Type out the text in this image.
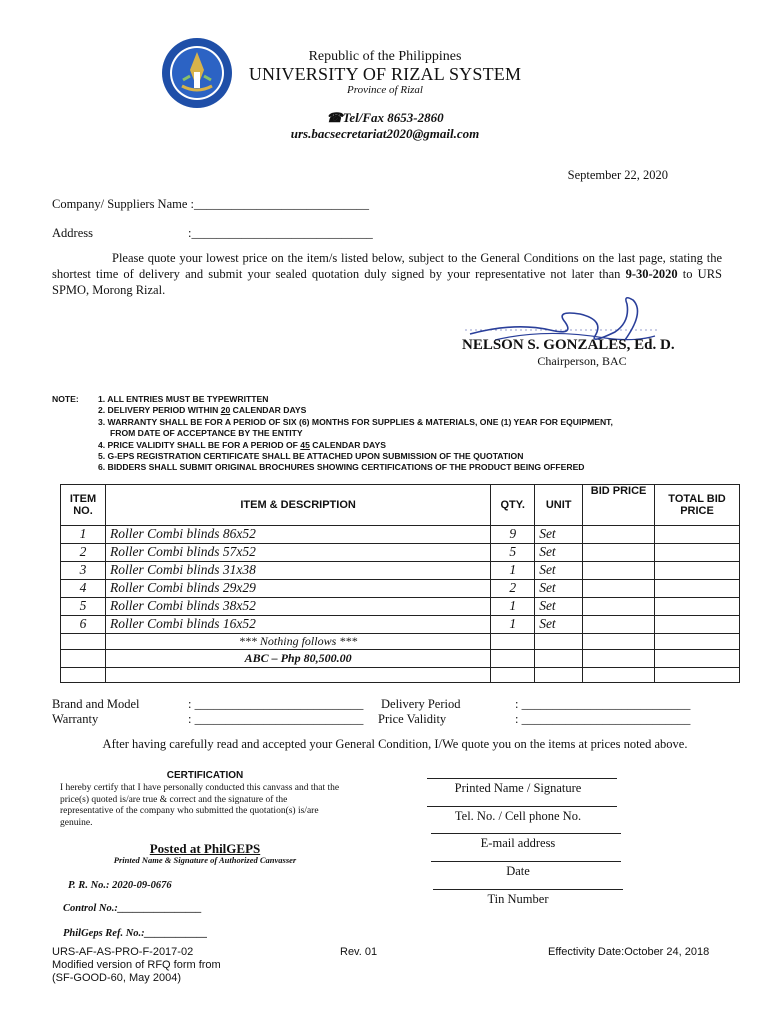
Republic of the Philippines
UNIVERSITY OF RIZAL SYSTEM
Province of Rizal
☎Tel/Fax 8653-2860
urs.bacsecretariat2020@gmail.com
September 22, 2020
Company/ Suppliers Name :____________________________
Address	:_____________________________
Please quote your lowest price on the item/s listed below, subject to the General Conditions on the last page, stating the shortest time of delivery and submit your sealed quotation duly signed by your representative not later than 9-30-2020 to URS SPMO, Morong Rizal.
NELSON S. GONZALES, Ed. D.
Chairperson, BAC
NOTE: 1. ALL ENTRIES MUST BE TYPEWRITTEN
2. DELIVERY PERIOD WITHIN 20 CALENDAR DAYS
3. WARRANTY SHALL BE FOR A PERIOD OF SIX (6) MONTHS FOR SUPPLIES & MATERIALS, ONE (1) YEAR FOR EQUIPMENT,
FROM DATE OF ACCEPTANCE BY THE ENTITY
4. PRICE VALIDITY SHALL BE FOR A PERIOD OF 45 CALENDAR DAYS
5. G-EPS REGISTRATION CERTIFICATE SHALL BE ATTACHED UPON SUBMISSION OF THE QUOTATION
6. BIDDERS SHALL SUBMIT ORIGINAL BROCHURES SHOWING CERTIFICATIONS OF THE PRODUCT BEING OFFERED
ITEM NO.	ITEM & DESCRIPTION	QTY.	UNIT	BID PRICE	TOTAL BID PRICE
1	Roller Combi blinds 86x52	9	Set		
2	Roller Combi blinds 57x52	5	Set		
3	Roller Combi blinds 31x38	1	Set		
4	Roller Combi blinds 29x29	2	Set		
5	Roller Combi blinds 38x52	1	Set		
6	Roller Combi blinds 16x52	1	Set		
	*** Nothing follows ***				
	ABC – Php 80,500.00				

Brand and Model	: ___________________________ Delivery Period	: ___________________________
Warranty	: ___________________________ Price Validity	: ___________________________
After having carefully read and accepted your General Condition, I/We quote you on the items at prices noted above.
CERTIFICATION
I hereby certify that I have personally conducted this canvass and that the price(s) quoted is/are true & correct and the signature of the representative of the company who submitted the quotation(s) is/are genuine.
Posted at PhilGEPS
Printed Name & Signature of Authorized Canvasser
P. R. No.: 2020-09-0676
Control No.:________________
PhilGeps Ref. No.:____________
Printed Name / Signature
Tel. No. / Cell phone No.
E-mail address
Date
Tin Number
URS-AF-AS-PRO-F-2017-02
Modified version of RFQ form from
(SF-GOOD-60, May 2004)
Rev. 01	Effectivity Date:October 24, 2018
